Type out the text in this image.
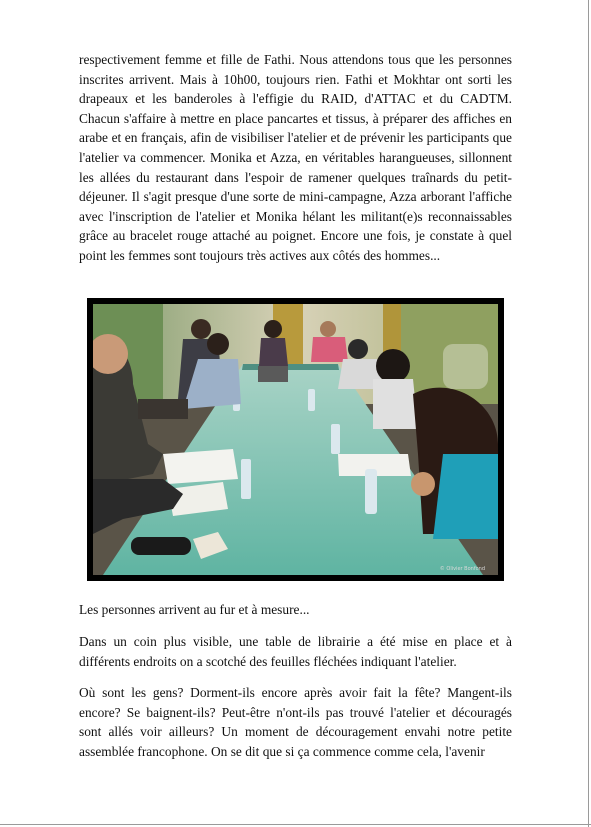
respectivement femme et fille de Fathi. Nous attendons tous que les personnes inscrites arrivent. Mais à 10h00, toujours rien. Fathi et Mokhtar ont sorti les drapeaux et les banderoles à l'effigie du RAID, d'ATTAC et du CADTM. Chacun s'affaire à mettre en place pancartes et tissus, à préparer des affiches en arabe et en français, afin de visibiliser l'atelier et de prévenir les participants que l'atelier va commencer. Monika et Azza, en véritables harangueuses, sillonnent les allées du restaurant dans l'espoir de ramener quelques traînards du petit-déjeuner. Il s'agit presque d'une sorte de mini-campagne, Azza arborant l'affiche avec l'inscription de l'atelier et Monika hélant les militant(e)s reconnaissables grâce au bracelet rouge attaché au poignet. Encore une fois, je constate à quel point les femmes sont toujours très actives aux côtés des hommes...

© Olivier Bonfond

Les personnes arrivent au fur et à mesure...

Dans un coin plus visible, une table de librairie a été mise en place et à différents endroits on a scotché des feuilles fléchées indiquant l'atelier.

Où sont les gens? Dorment-ils encore après avoir fait la fête? Mangent-ils encore? Se baignent-ils? Peut-être n'ont-ils pas trouvé l'atelier et découragés sont allés voir ailleurs? Un moment de découragement envahi notre petite assemblée francophone. On se dit que si ça commence comme cela, l'avenir
